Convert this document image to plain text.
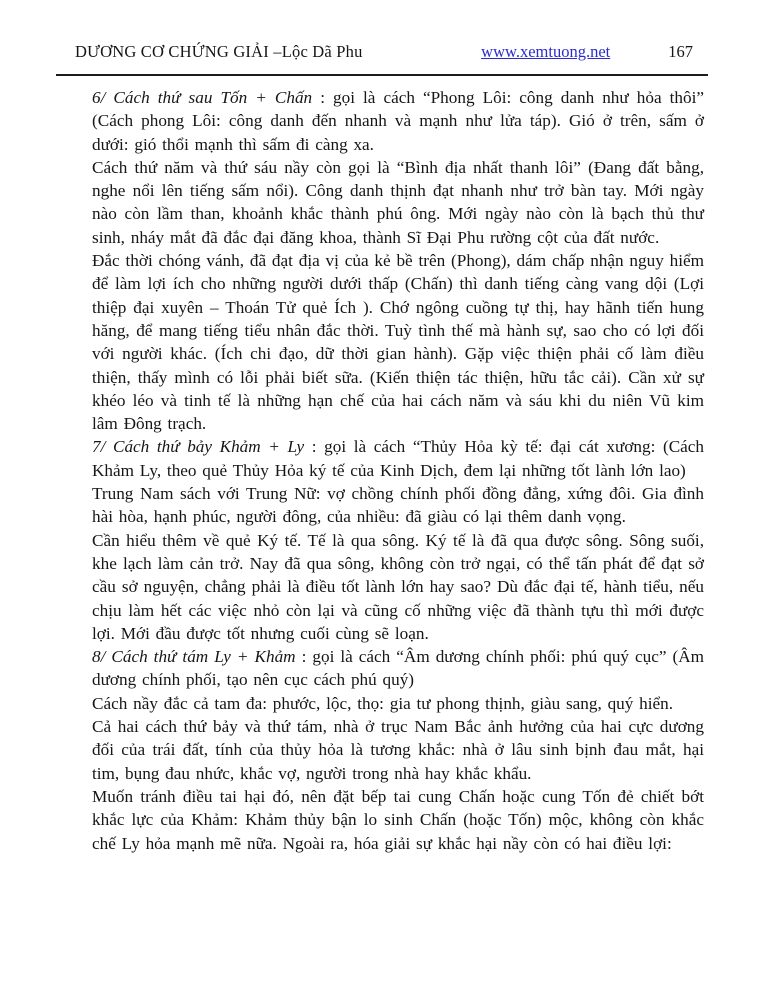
DƯƠNG CƠ CHỨNG GIẢI –Lộc Dã Phu	www.xemtuong.net	167

6/ Cách thứ sau Tốn + Chấn : gọi là cách “Phong Lôi: công danh như hỏa thôi” (Cách phong Lôi: công danh đến nhanh và mạnh như lửa táp). Gió ở trên, sấm ở dưới: gió thổi mạnh thì sấm đi càng xa.

Cách thứ năm và thứ sáu nầy còn gọi là “Bình địa nhất thanh lôi” (Đang đất bằng, nghe nổi lên tiếng sấm nổi). Công danh thịnh đạt nhanh như trở bàn tay. Mới ngày nào còn lầm than, khoảnh khắc thành phú ông. Mới ngày nào còn là bạch thủ thư sinh, nháy mắt đã đắc đại đăng khoa, thành Sĩ Đại Phu rường cột của đất nước.

Đắc thời chóng vánh, đã đạt địa vị của kẻ bề trên (Phong), dám chấp nhận nguy hiểm để làm lợi ích cho những người dưới thấp (Chấn) thì danh tiếng càng vang dội (Lợi thiệp đại xuyên – Thoán Tử quẻ Ích ). Chớ ngông cuồng tự thị, hay hãnh tiến hung hăng, để mang tiếng tiểu nhân đắc thời. Tuỳ tình thế mà hành sự, sao cho có lợi đối với người khác. (Ích chi đạo, dữ thời gian hành). Gặp việc thiện phải cố làm điều thiện, thấy mình có lỗi phải biết sữa. (Kiến thiện tác thiện, hữu tắc cải). Cần xử sự khéo léo và tinh tế là những hạn chế của hai cách năm và sáu khi du niên Vũ kim lâm Đông trạch.

7/ Cách thứ bảy Khảm + Ly : gọi là cách “Thủy Hỏa kỳ tế: đại cát xương: (Cách Khảm Ly, theo quẻ Thủy Hỏa ký tế của Kinh Dịch, đem lại những tốt lành lớn lao)

Trung Nam sách với Trung Nữ: vợ chồng chính phối đồng đẳng, xứng đôi. Gia đình hài hòa, hạnh phúc, người đông, của nhiều: đã giàu có lại thêm danh vọng.

Cần hiểu thêm về quẻ Ký tế. Tế là qua sông. Ký tế là đã qua được sông. Sông suối, khe lạch làm cản trở. Nay đã qua sông, không còn trở ngại, có thể tấn phát để đạt sở cầu sở nguyện, chẳng phải là điều tốt lành lớn hay sao? Dù đắc đại tế, hành tiểu, nếu chịu làm hết các việc nhỏ còn lại và cũng cố những việc đã thành tựu thì mới được lợi. Mới đầu được tốt nhưng cuối cùng sẽ loạn.

8/ Cách thứ tám Ly + Khảm : gọi là cách “Âm dương chính phối: phú quý cục” (Âm dương chính phối, tạo nên cục cách phú quý)

Cách nầy đắc cả tam đa: phước, lộc, thọ: gia tư phong thịnh, giàu sang, quý hiển.

Cả hai cách thứ bảy và thứ tám, nhà ở trục Nam Bắc ảnh hưởng của hai cực dương đối của trái đất, tính của thủy hỏa là tương khắc: nhà ở lâu sinh bịnh đau mắt, hại tim, bụng đau nhức, khắc vợ, người trong nhà hay khắc khẩu.

Muốn tránh điều tai hại đó, nên đặt bếp tai cung Chấn hoặc cung Tốn đẻ chiết bớt khắc lực của Khảm: Khảm thủy bận lo sinh Chấn (hoặc Tốn) mộc, không còn khắc chế Ly hỏa mạnh mẽ nữa. Ngoài ra, hóa giải sự khắc hại nầy còn có hai điều lợi:
